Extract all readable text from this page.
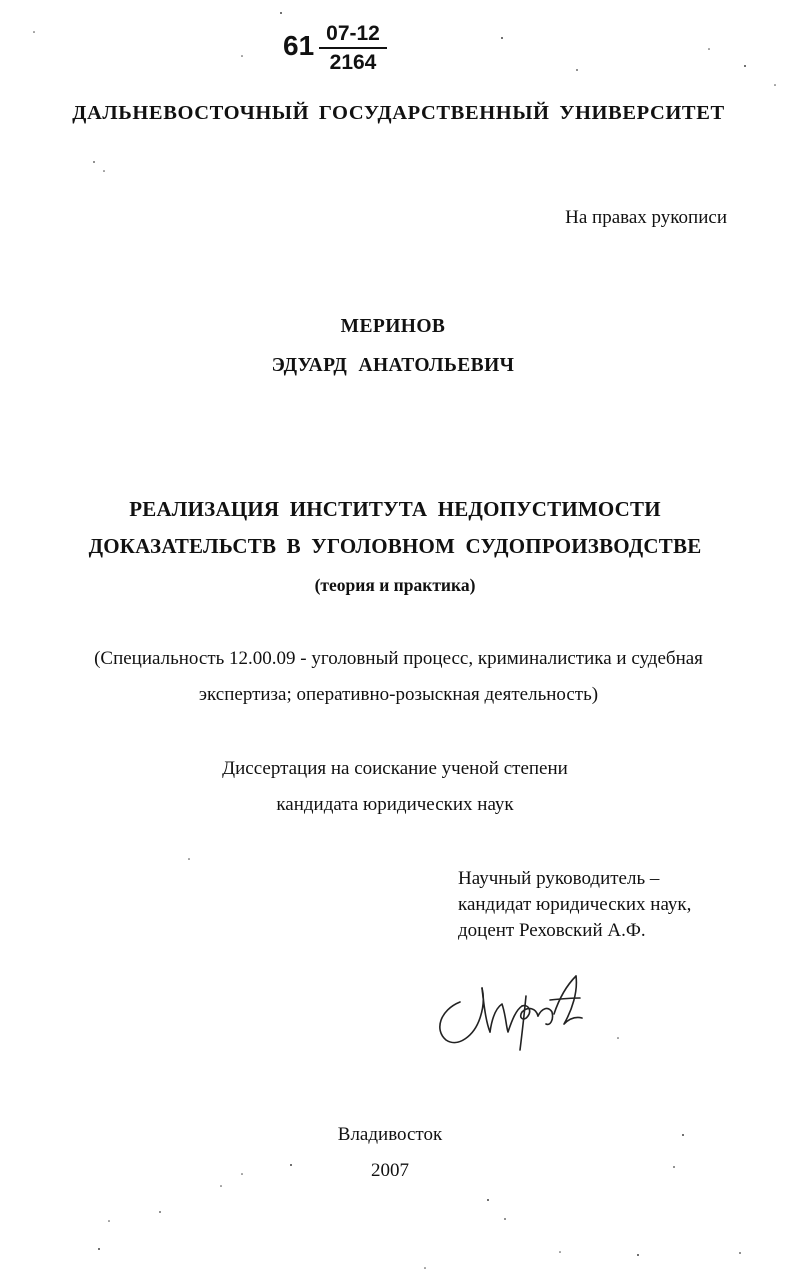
61 07-12
2164
ДАЛЬНЕВОСТОЧНЫЙ ГОСУДАРСТВЕННЫЙ УНИВЕРСИТЕТ
На правах рукописи
МЕРИНОВ
ЭДУАРД АНАТОЛЬЕВИЧ
РЕАЛИЗАЦИЯ ИНСТИТУТА НЕДОПУСТИМОСТИ
ДОКАЗАТЕЛЬСТВ В УГОЛОВНОМ СУДОПРОИЗВОДСТВЕ
(теория и практика)
(Специальность 12.00.09 - уголовный процесс, криминалистика и судебная
экспертиза; оперативно-розыскная деятельность)
Диссертация на соискание ученой степени
кандидата юридических наук
Научный руководитель –
кандидат юридических наук,
доцент Реховский А.Ф.
Владивосток
2007
